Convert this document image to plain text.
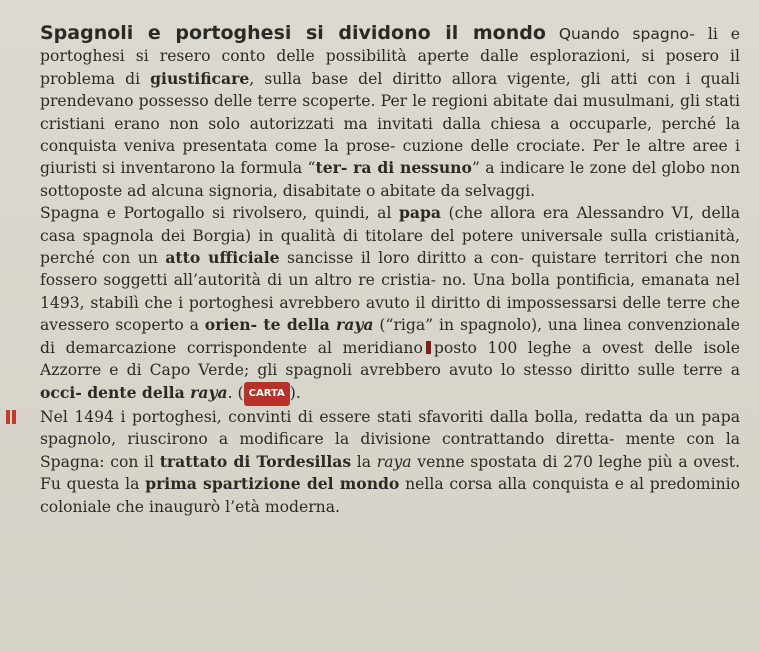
Spagnoli e portoghesi si dividono il mondo Quando spagno- li e portoghesi si resero conto delle possibilità aperte dalle esplorazioni, si posero il problema di giustificare, sulla base del diritto allora vigente, gli atti con i quali prendevano possesso delle terre scoperte. Per le regioni abitate dai musulmani, gli stati cristiani erano non solo autorizzati ma invitati dalla chiesa a occuparle, perché la conquista veniva presentata come la prose- cuzione delle crociate. Per le altre aree i giuristi si inventarono la formula “ter- ra di nessuno” a indicare le zone del globo non sottoposte ad alcuna signoria, disabitate o abitate da selvaggi.

Spagna e Portogallo si rivolsero, quindi, al papa (che allora era Alessandro VI, della casa spagnola dei Borgia) in qualità di titolare del potere universale sulla cristianità, perché con un atto ufficiale sancisse il loro diritto a con- quistare territori che non fossero soggetti all’autorità di un altro re cristia- no. Una bolla pontificia, emanata nel 1493, stabilì che i portoghesi avrebbero avuto il diritto di impossessarsi delle terre che avessero scoperto a orien- te della raya (“riga” in spagnolo), una linea convenzionale di demarcazione corrispondente al meridiano posto 100 leghe a ovest delle isole Azzorre e di Capo Verde; gli spagnoli avrebbero avuto lo stesso diritto sulle terre a occi- dente della raya. ( CARTA ).

Nel 1494 i portoghesi, convinti di essere stati sfavoriti dalla bolla, redatta da un papa spagnolo, riuscirono a modificare la divisione contrattando diretta- mente con la Spagna: con il trattato di Tordesillas la raya venne spostata di 270 leghe più a ovest. Fu questa la prima spartizione del mondo nella corsa alla conquista e al predominio coloniale che inaugurò l’età moderna.
